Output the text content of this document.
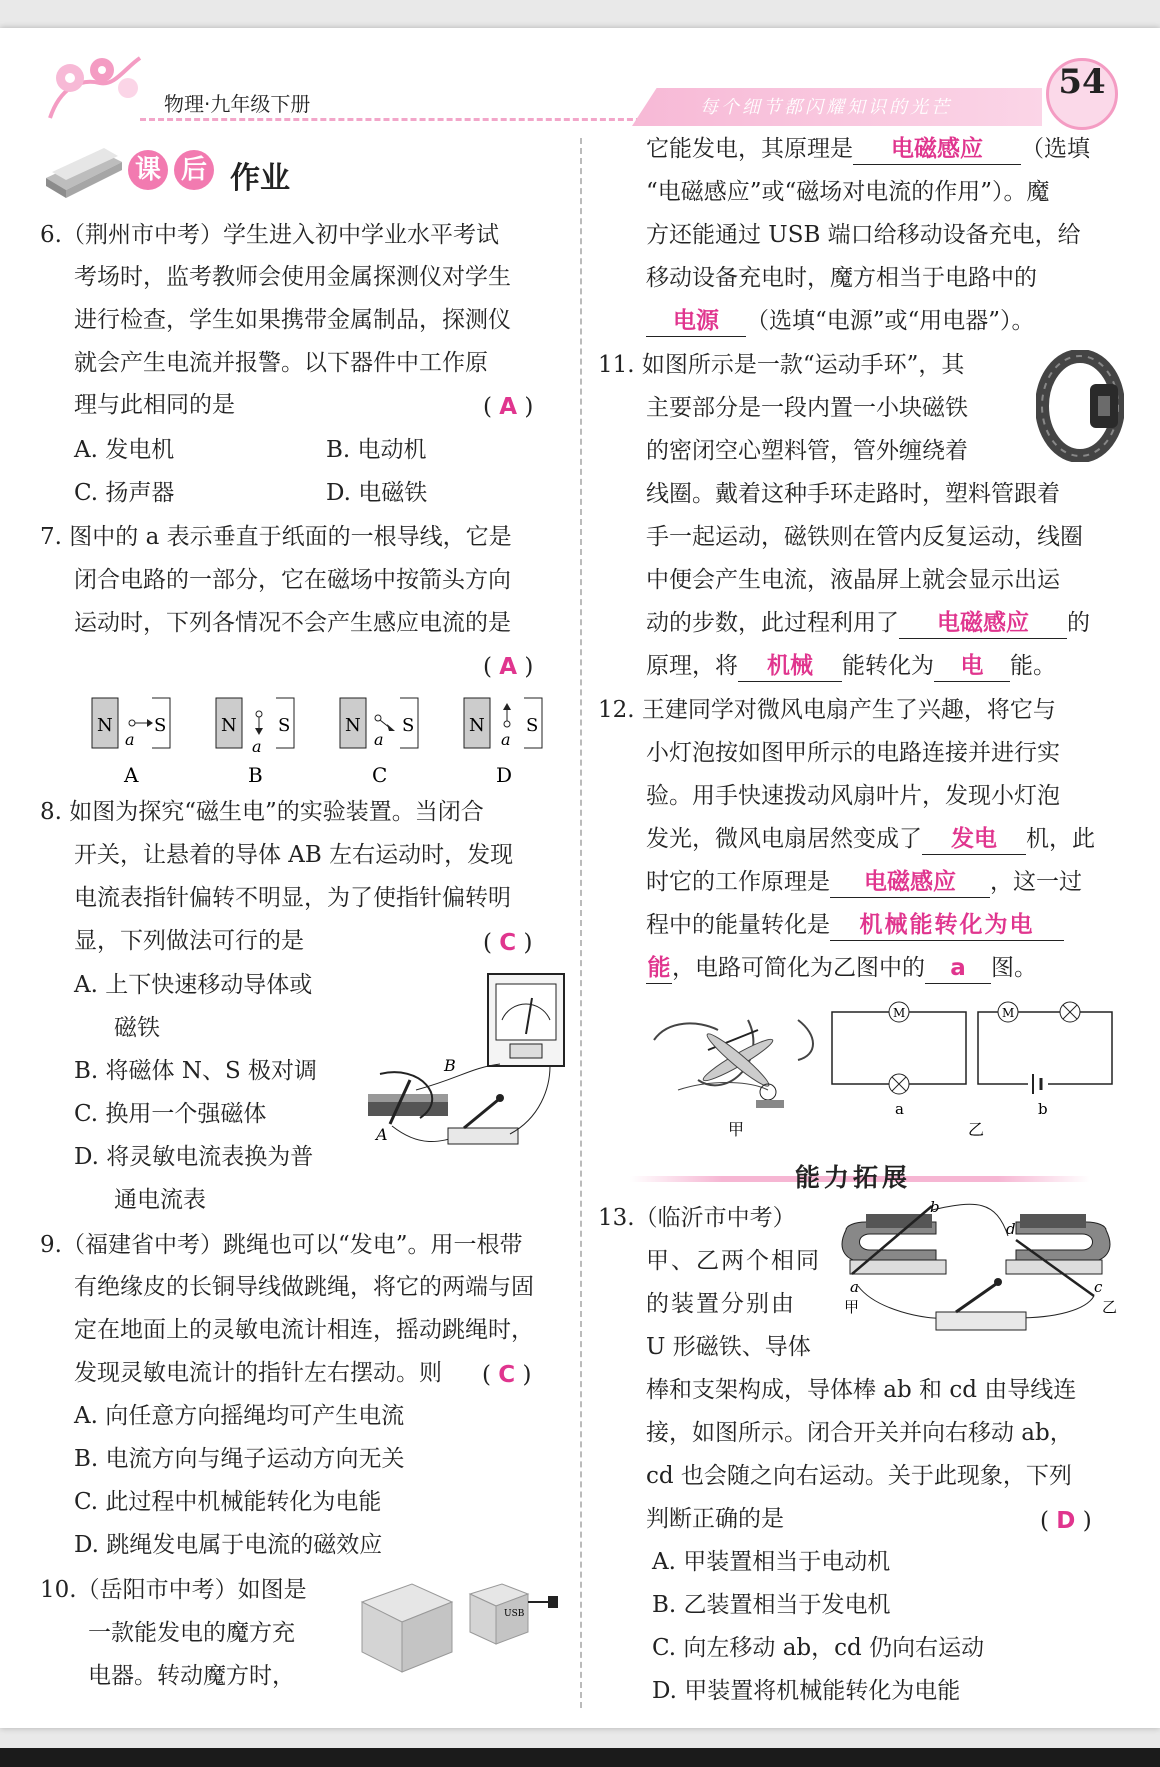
物理·九年级下册	每个细节都闪耀知识的光芒
54
课 后 作业
6.（荆州市中考）学生进入初中学业水平考试
考场时，监考教师会使用金属探测仪对学生
进行检查，学生如果携带金属制品，探测仪
就会产生电流并报警。以下器件中工作原
理与此相同的是	( A )
A. 发电机	B. 电动机
C. 扬声器	D. 电磁铁
7. 图中的 a 表示垂直于纸面的一根导线，它是
闭合电路的一部分，它在磁场中按箭头方向
运动时，下列各情况不会产生感应电流的是
( A )
N S
a
A
N S
a
B
N S
a
C
N S
a
D
8. 如图为探究“磁生电”的实验装置。当闭合
开关，让悬着的导体 AB 左右运动时，发现
电流表指针偏转不明显，为了使指针偏转明
显，下列做法可行的是	( C )
A. 上下快速移动导体或
磁铁
B. 将磁体 N、S 极对调
C. 换用一个强磁体
D. 将灵敏电流表换为普
通电流表
B
A
9.（福建省中考）跳绳也可以“发电”。用一根带
有绝缘皮的长铜导线做跳绳，将它的两端与固
定在地面上的灵敏电流计相连，摇动跳绳时，
发现灵敏电流计的指针左右摆动。则 ( C )
A. 向任意方向摇绳均可产生电流
B. 电流方向与绳子运动方向无关
C. 此过程中机械能转化为电能
D. 跳绳发电属于电流的磁效应
10.（岳阳市中考）如图是
一款能发电的魔方充
电器。转动魔方时，
USB
它能发电，其原理是 电磁感应 （选填
“电磁感应”或“磁场对电流的作用”）。魔
方还能通过 USB 端口给移动设备充电，给
移动设备充电时，魔方相当于电路中的
电源 （选填“电源”或“用电器”）。
11. 如图所示是一款“运动手环”，其
主要部分是一段内置一小块磁铁
的密闭空心塑料管，管外缠绕着
线圈。戴着这种手环走路时，塑料管跟着
手一起运动，磁铁则在管内反复运动，线圈
中便会产生电流，液晶屏上就会显示出运
动的步数，此过程利用了 电磁感应 的
原理，将 机械 能转化为 电 能。
12. 王建同学对微风电扇产生了兴趣，将它与
小灯泡按如图甲所示的电路连接并进行实
验。用手快速拨动风扇叶片，发现小灯泡
发光，微风电扇居然变成了 发电 机，此
时它的工作原理是 电磁感应 ，这一过
程中的能量转化是 机械能转化为电
能，电路可简化为乙图中的 a 图。
甲
M
a
M
b
乙
能力拓展
13.（临沂市中考）
甲、乙两个相同
的装置分别由
U 形磁铁、导体
棒和支架构成，导体棒 ab 和 cd 由导线连
接，如图所示。闭合开关并向右移动 ab，
cd 也会随之向右运动。关于此现象，下列
判断正确的是	( D )
A. 甲装置相当于电动机
B. 乙装置相当于发电机
C. 向左移动 ab，cd 仍向右运动
D. 甲装置将机械能转化为电能
b
a
甲
d
c
乙
